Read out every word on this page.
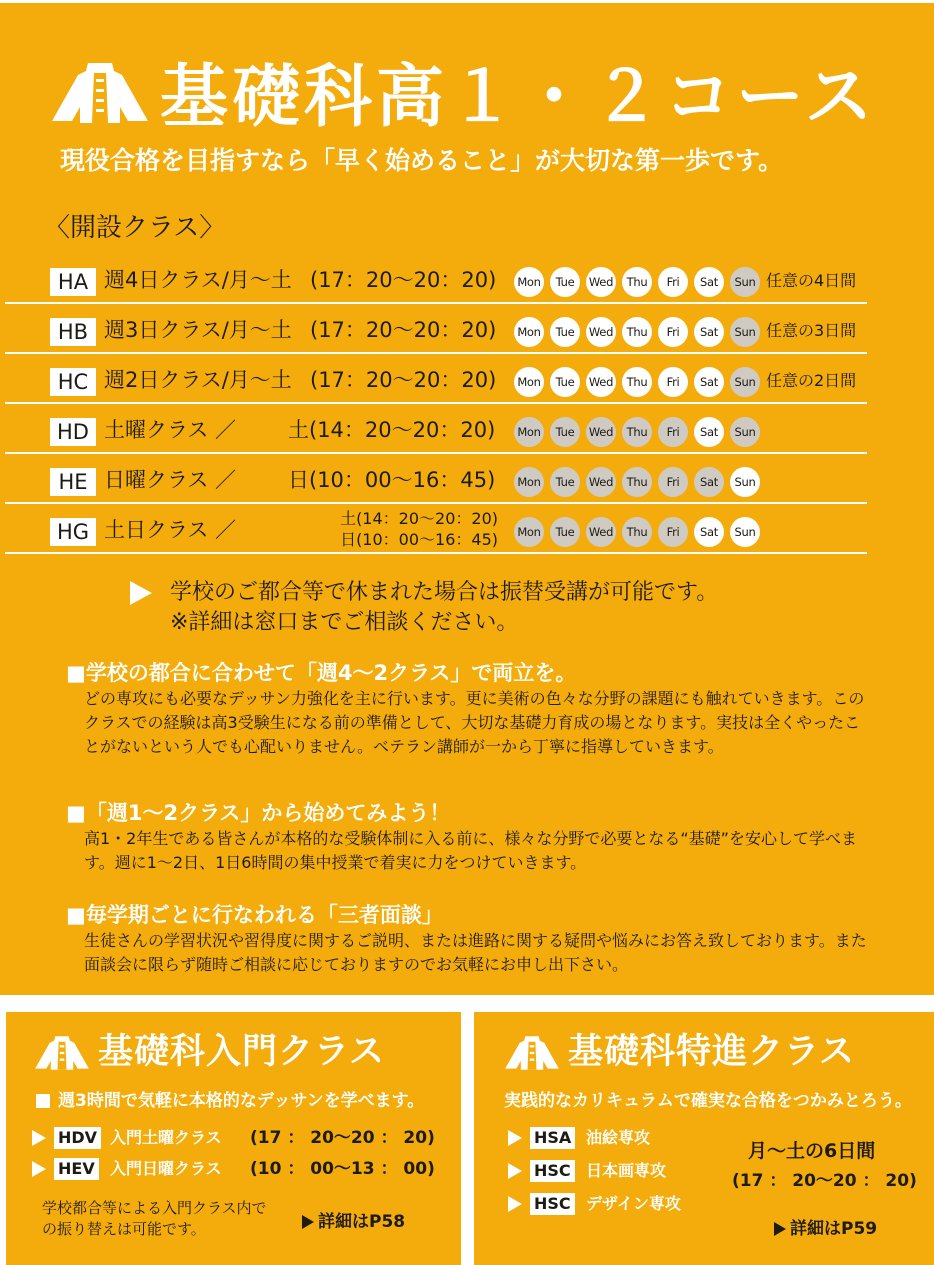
基礎科高１・２コース
現役合格を目指すなら「早く始めること」が大切な第一歩です。
〈開設クラス〉
HA 週4日クラス/月～土 (17：20～20：20) Mon	Tue	Wed	Thu	Fri	Sat	Sun 任意の4日間
HB 週3日クラス/月～土 (17：20～20：20) Mon	Tue	Wed	Thu	Fri	Sat	Sun 任意の3日間
HC 週2日クラス/月～土 (17：20～20：20) Mon	Tue	Wed	Thu	Fri	Sat	Sun 任意の2日間
HD 土曜クラス ／ 土(14：20～20：20) Mon	Tue	Wed	Thu	Fri	Sat	Sun
HE 日曜クラス ／ 日(10：00～16：45) Mon	Tue	Wed	Thu	Fri	Sat	Sun
HG 土日クラス ／	土(14：20～20：20)
日(10：00～16：45) Mon	Tue	Wed	Thu	Fri	Sat	Sun
学校のご都合等で休まれた場合は振替受講が可能です。
※詳細は窓口までご相談ください。
■学校の都合に合わせて「週4～2クラス」で両立を。
どの専攻にも必要なデッサン力強化を主に行います。更に美術の色々な分野の課題にも触れていきます。このクラスでの経験は高3受験生になる前の準備として、大切な基礎力育成の場となります。実技は全くやったことがないという人でも心配いりません。ベテラン講師が一から丁寧に指導していきます。
■「週1～2クラス」から始めてみよう！
高1・2年生である皆さんが本格的な受験体制に入る前に、様々な分野で必要となる“基礎”を安心して学べます。週に1～2日、1日6時間の集中授業で着実に力をつけていきます。
■毎学期ごとに行なわれる「三者面談」
生徒さんの学習状況や習得度に関するご説明、または進路に関する疑問や悩みにお答え致しております。また面談会に限らず随時ご相談に応じておりますのでお気軽にお申し出下さい。
基礎科入門クラス
週3時間で気軽に本格的なデッサンを学べます。
HDV 入門土曜クラス (17 ： 20～20 ： 20)
HEV 入門日曜クラス (10 ： 00～13 ： 00)
学校都合等による入門クラス内での振り替えは可能です。	詳細はP58
基礎科特進クラス
実践的なカリキュラムで確実な合格をつかみとろう。
HSA 油絵専攻
HSC 日本画専攻
HSC デザイン専攻
月～土の6日間
(17 ： 20～20 ： 20)
詳細はP59
